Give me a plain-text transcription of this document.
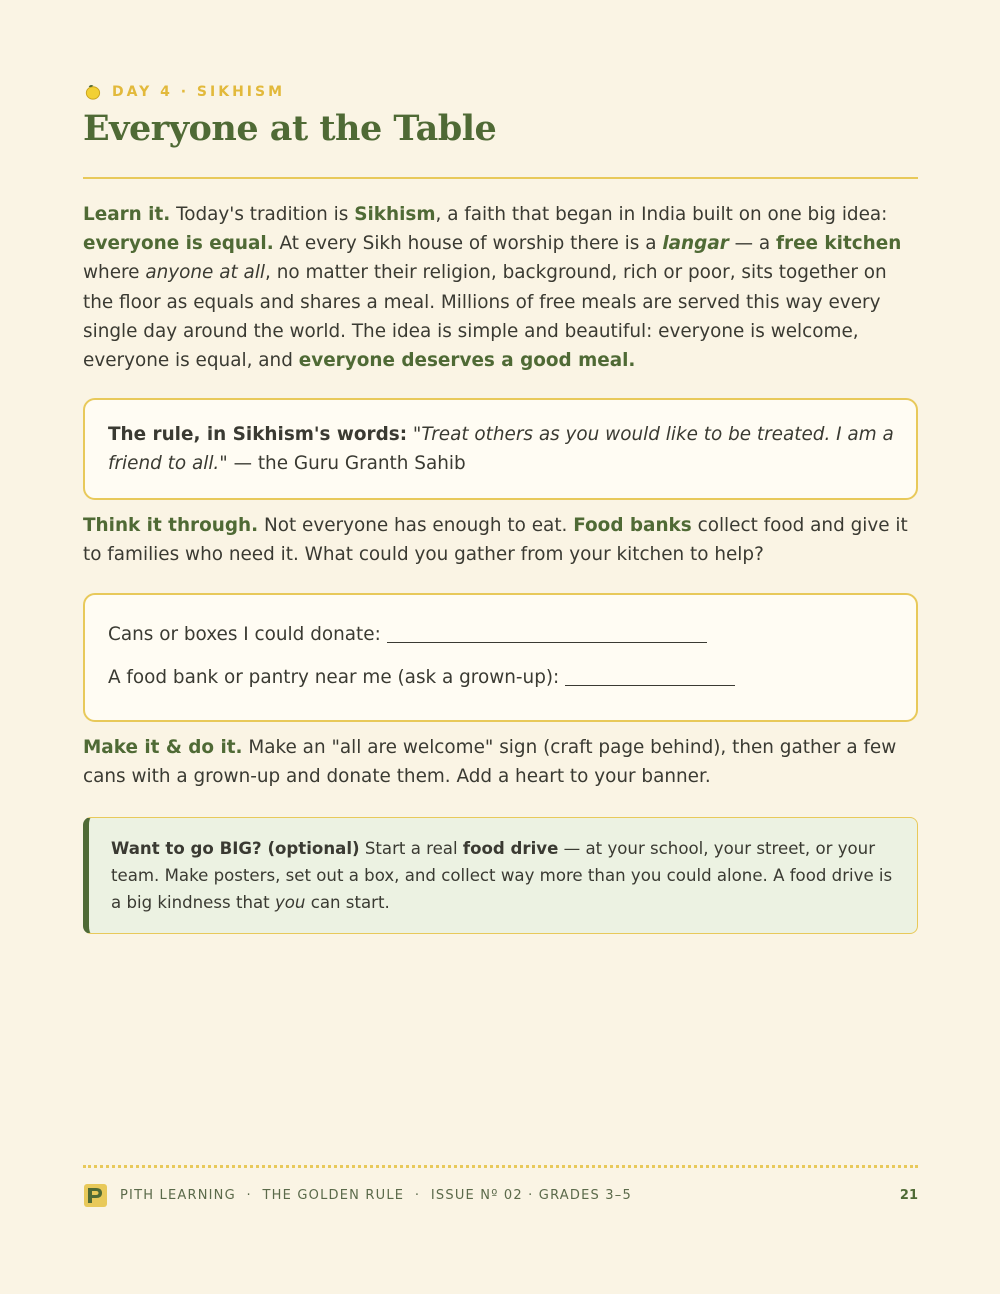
DAY 4 · SIKHISM
Everyone at the Table

Learn it. Today's tradition is Sikhism, a faith that began in India built on one big idea: everyone is equal. At every Sikh house of worship there is a langar — a free kitchen where anyone at all, no matter their religion, background, rich or poor, sits together on the floor as equals and shares a meal. Millions of free meals are served this way every single day around the world. The idea is simple and beautiful: everyone is welcome, everyone is equal, and everyone deserves a good meal.

The rule, in Sikhism's words: "Treat others as you would like to be treated. I am a friend to all." — the Guru Granth Sahib

Think it through. Not everyone has enough to eat. Food banks collect food and give it to families who need it. What could you gather from your kitchen to help?

Cans or boxes I could donate:
A food bank or pantry near me (ask a grown-up):

Make it & do it. Make an "all are welcome" sign (craft page behind), then gather a few cans with a grown-up and donate them. Add a heart to your banner.

Want to go BIG? (optional) Start a real food drive — at your school, your street, or your team. Make posters, set out a box, and collect way more than you could alone. A food drive is a big kindness that you can start.

PITH LEARNING  ·  THE GOLDEN RULE  ·  ISSUE Nº 02 · GRADES 3–5	21
